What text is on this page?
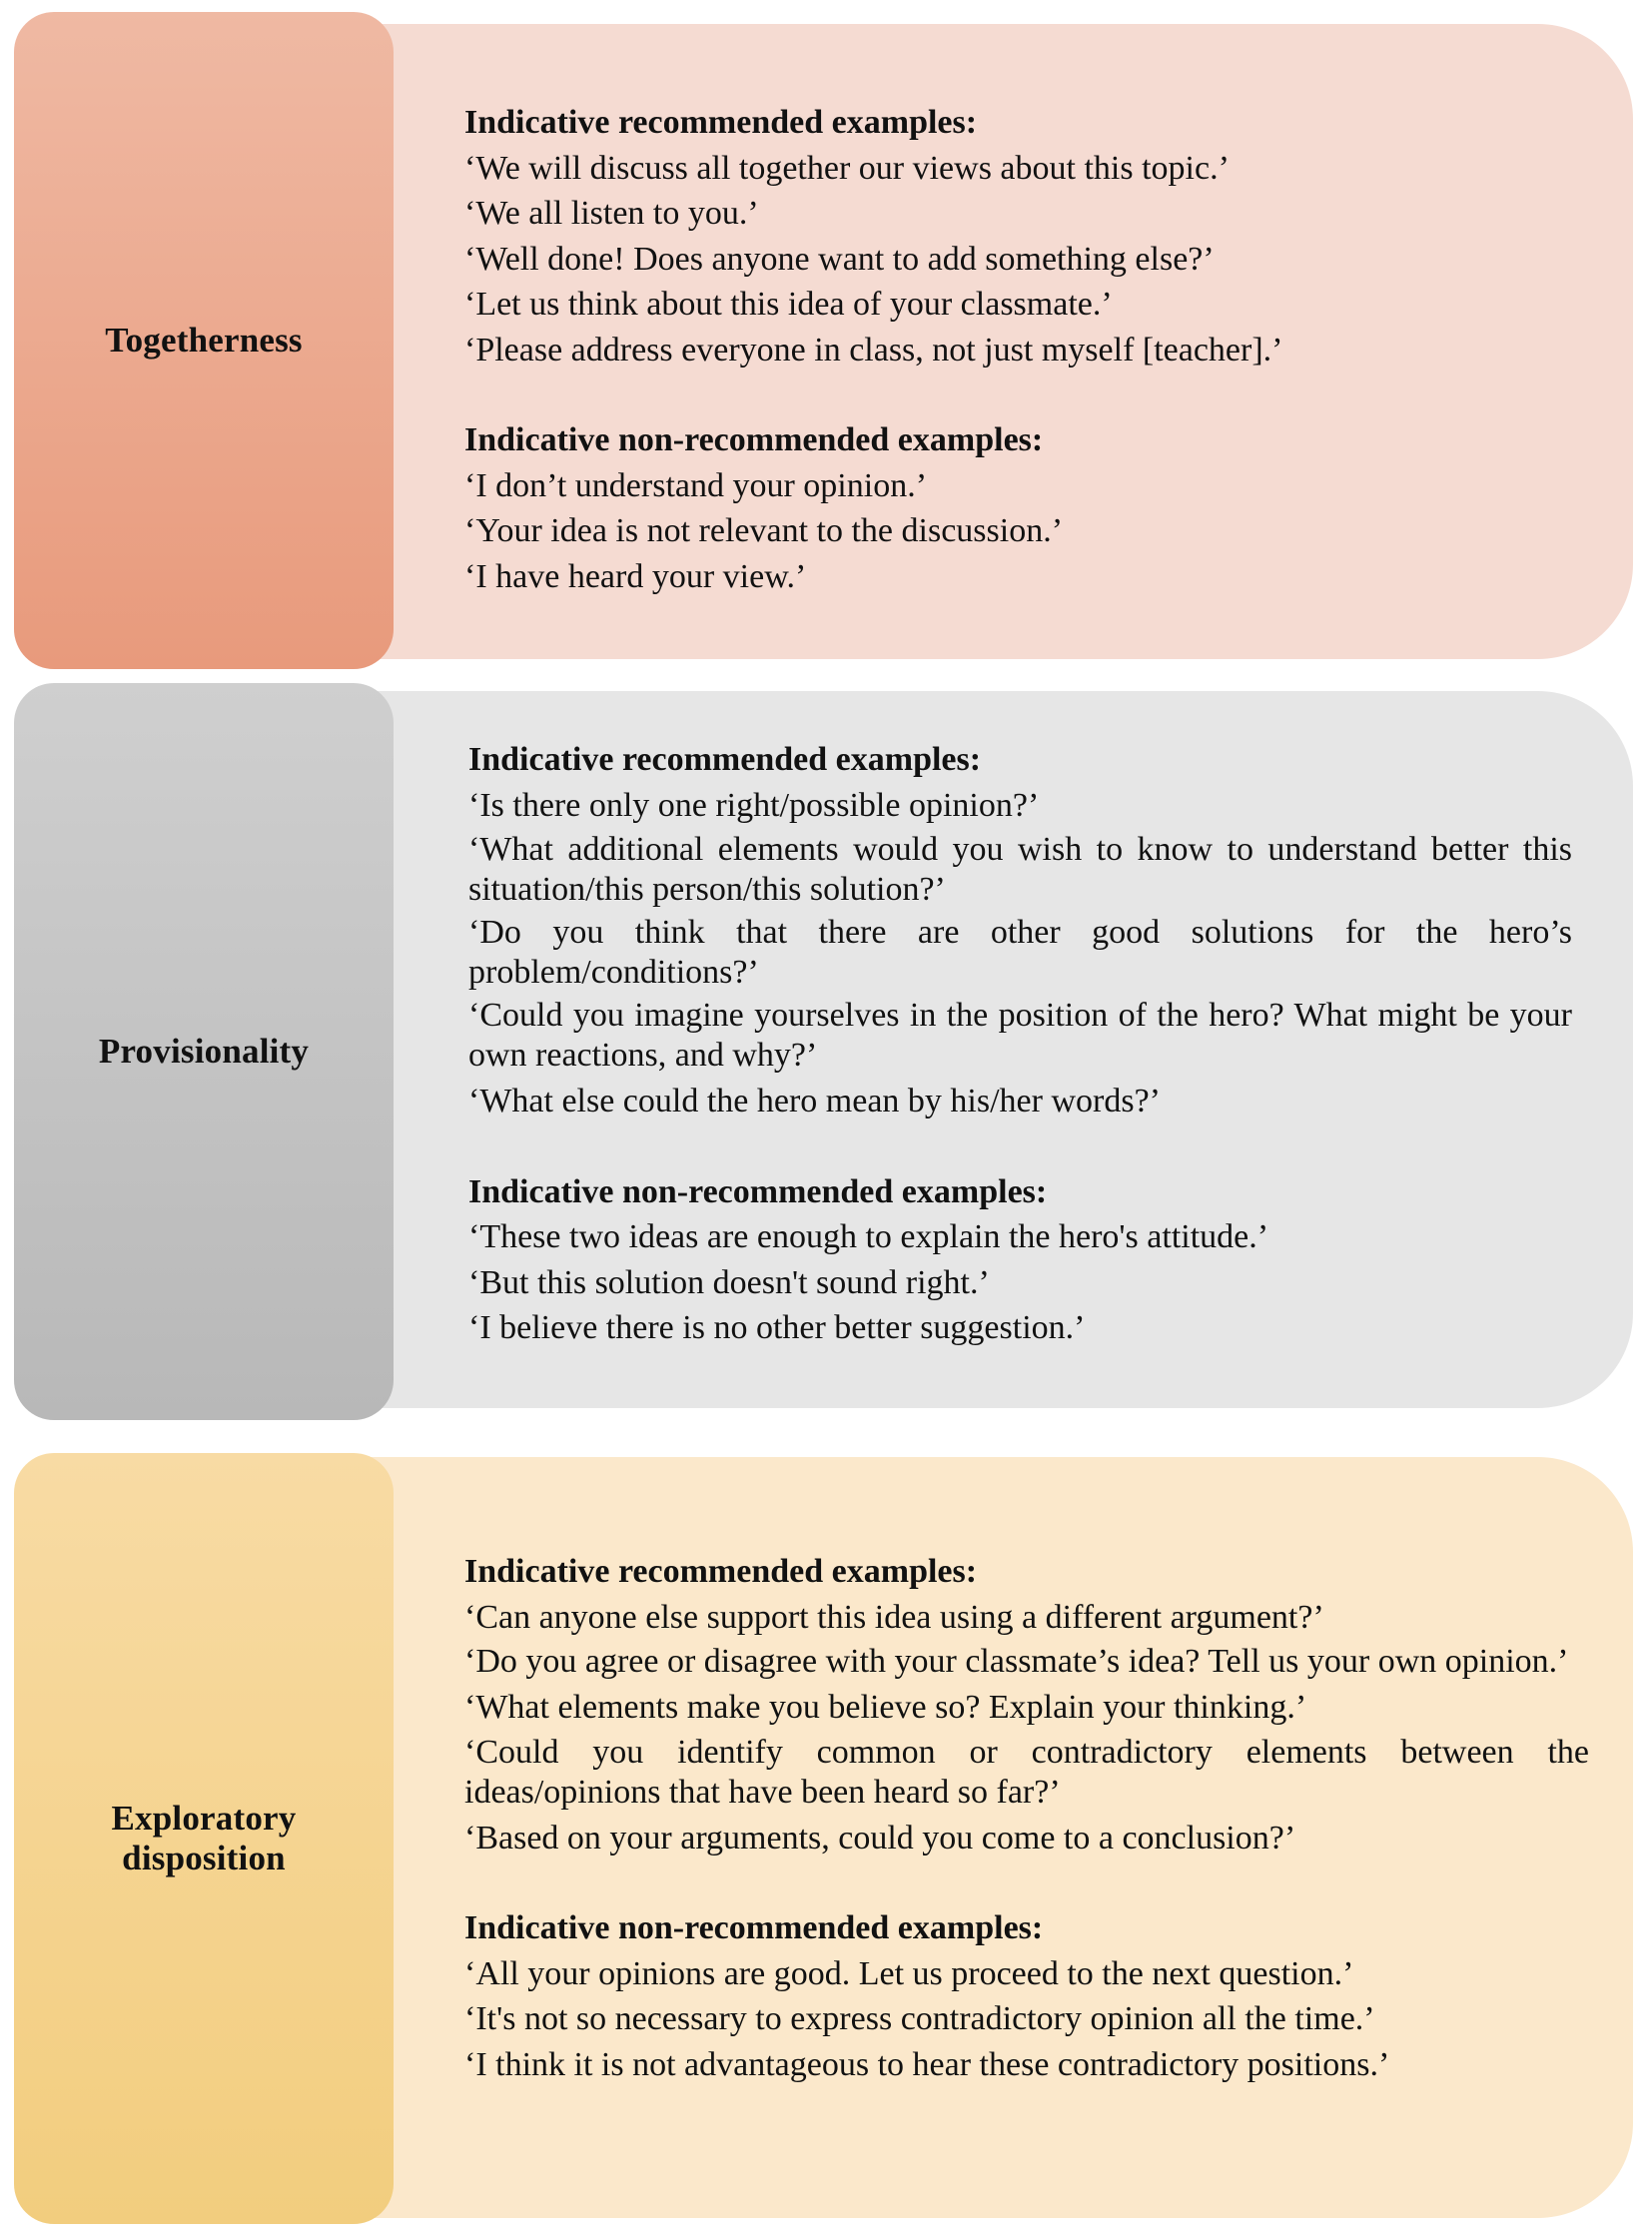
Togetherness
Indicative recommended examples:
‘We will discuss all together our views about this topic.’
‘We all listen to you.’
‘Well done! Does anyone want to add something else?’
‘Let us think about this idea of your classmate.’
‘Please address everyone in class, not just myself [teacher].’
Indicative non-recommended examples:
‘I don’t understand your opinion.’
‘Your idea is not relevant to the discussion.’
‘I have heard your view.’
Provisionality
Indicative recommended examples:
‘Is there only one right/possible opinion?’
‘What additional elements would you wish to know to understand better this situation/this person/this solution?’
‘Do you think that there are other good solutions for the hero’s problem/conditions?’
‘Could you imagine yourselves in the position of the hero? What might be your own reactions, and why?’
‘What else could the hero mean by his/her words?’
Indicative non-recommended examples:
‘These two ideas are enough to explain the hero's attitude.’
‘But this solution doesn't sound right.’
‘I believe there is no other better suggestion.’
Exploratory
disposition
Indicative recommended examples:
‘Can anyone else support this idea using a different argument?’
‘Do you agree or disagree with your classmate’s idea? Tell us your own opinion.’
‘What elements make you believe so? Explain your thinking.’
‘Could you identify common or contradictory elements between the ideas/opinions that have been heard so far?’
‘Based on your arguments, could you come to a conclusion?’
Indicative non-recommended examples:
‘All your opinions are good. Let us proceed to the next question.’
‘It's not so necessary to express contradictory opinion all the time.’
‘I think it is not advantageous to hear these contradictory positions.’
